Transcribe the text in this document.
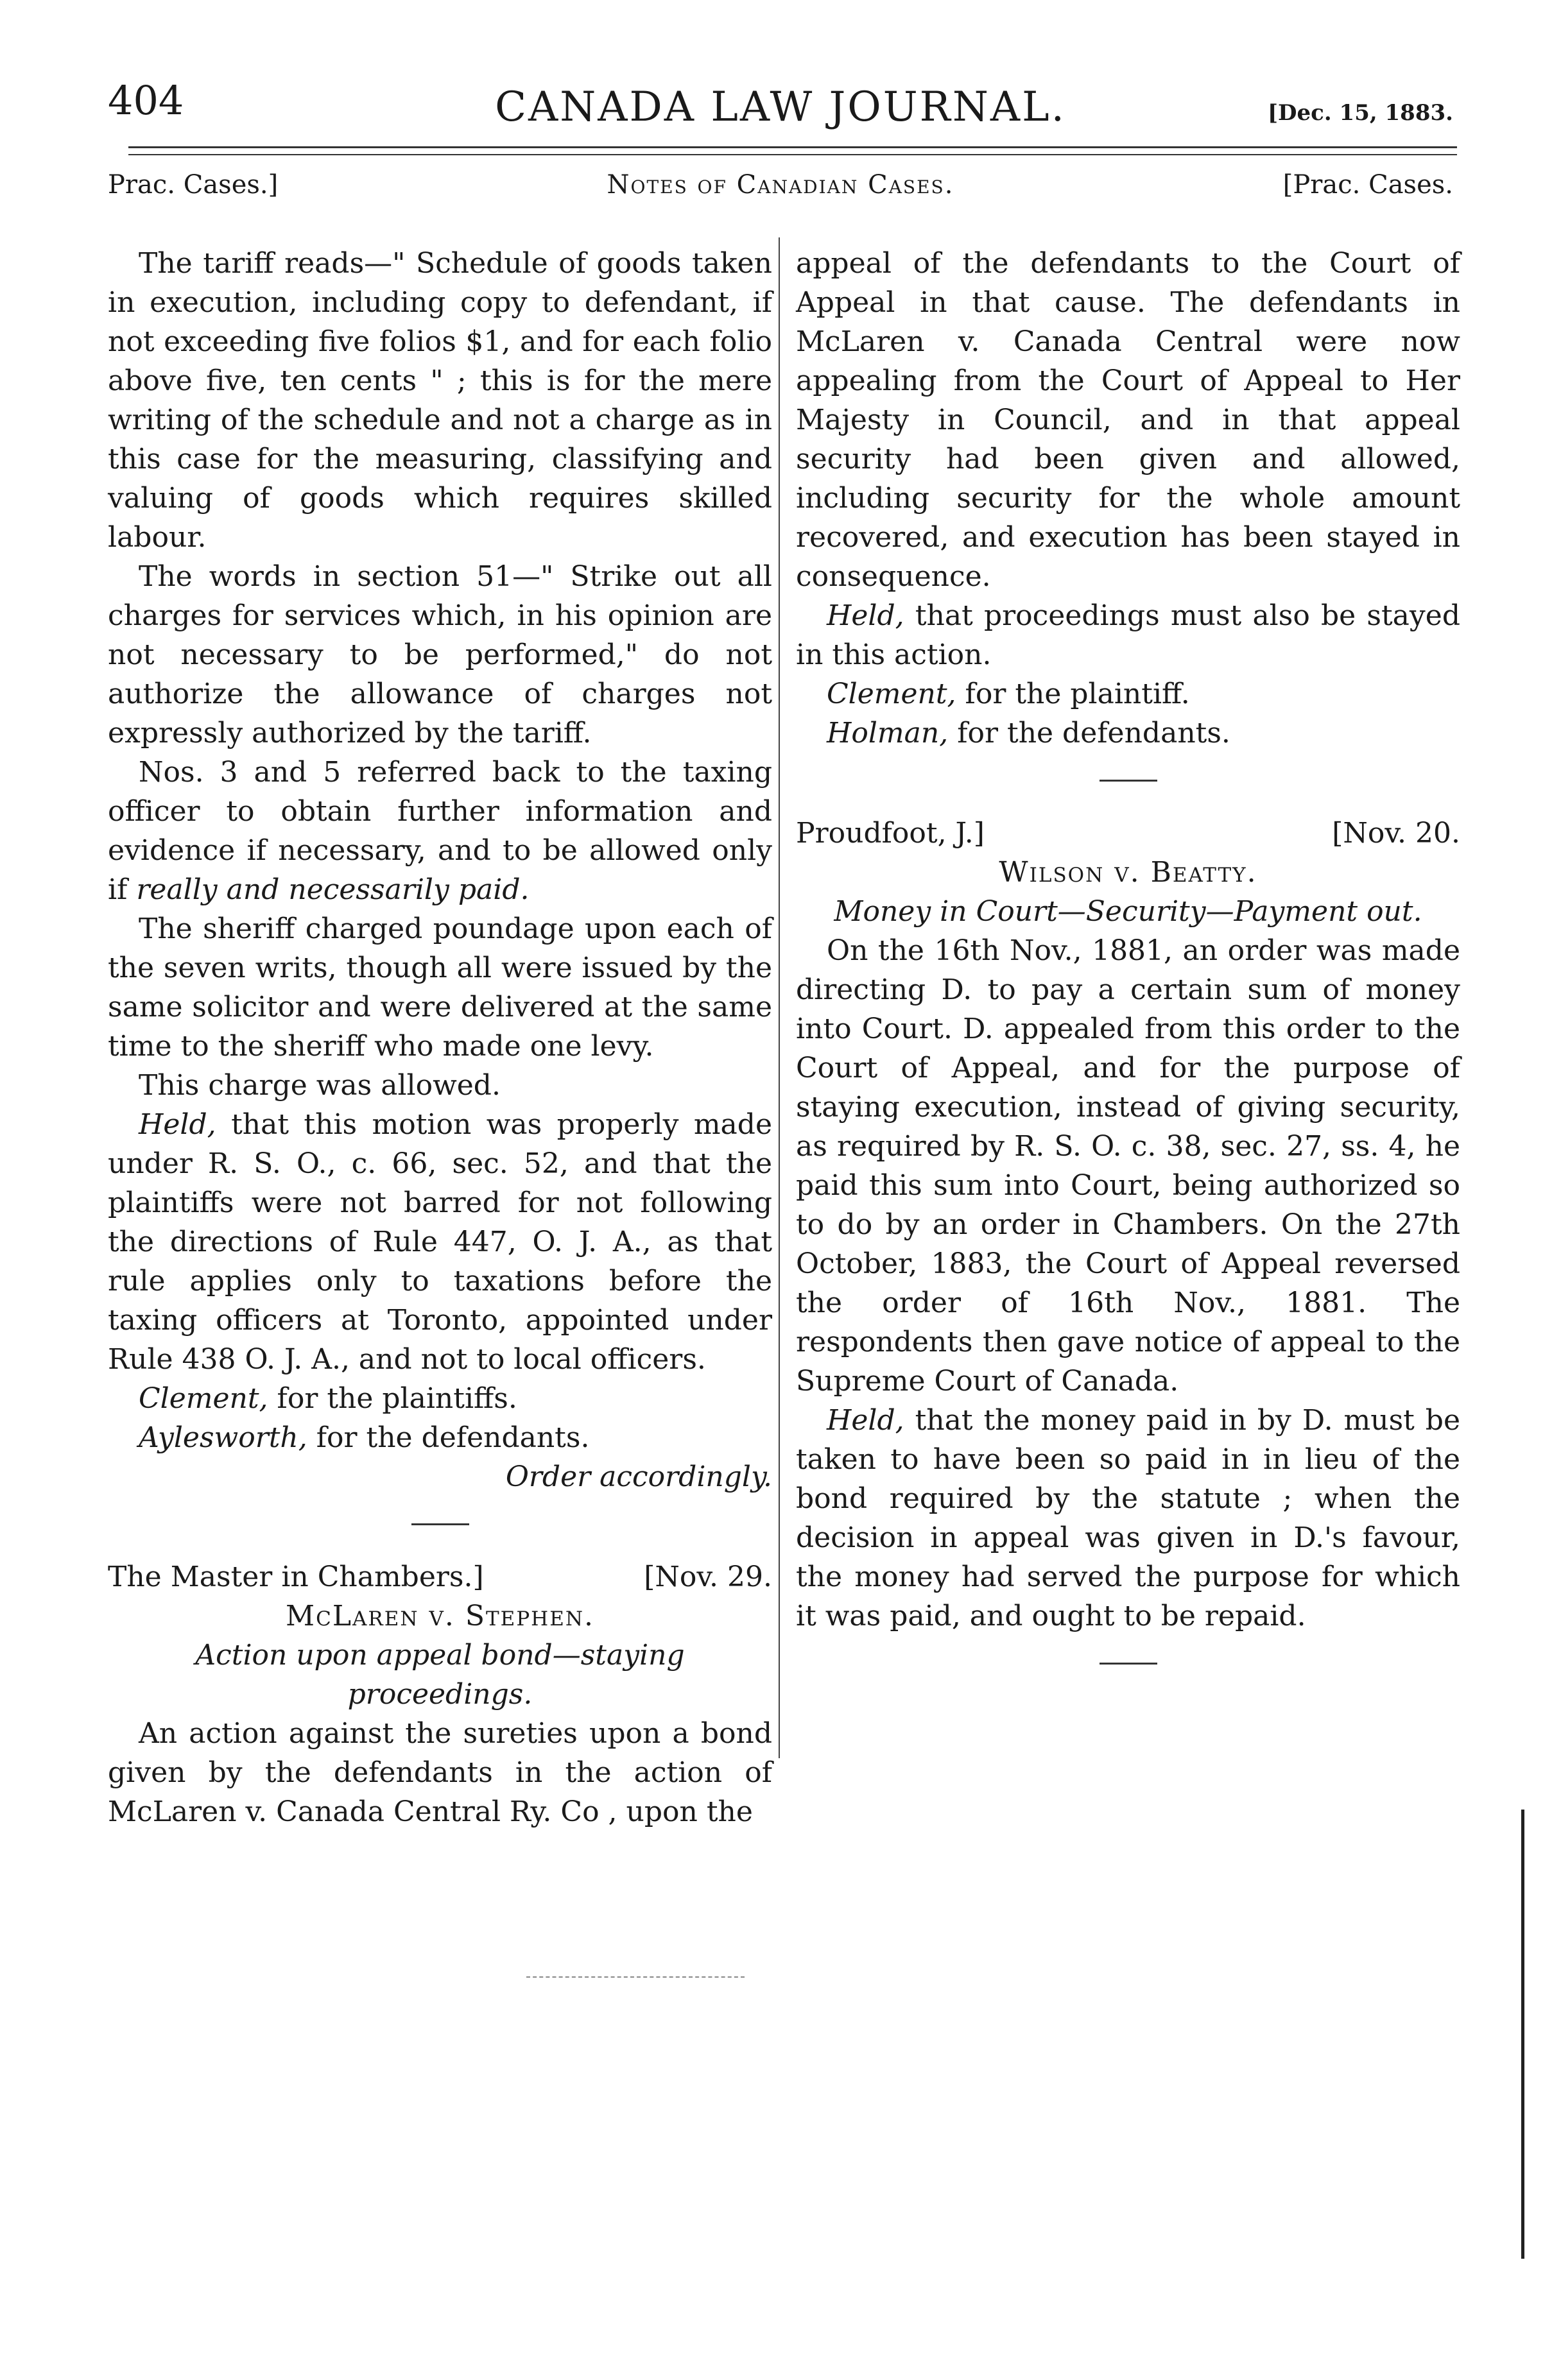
404	CANADA LAW JOURNAL.	[Dec. 15, 1883.
Prac. Cases.]	Notes of Canadian Cases.	[Prac. Cases.

The tariff reads—" Schedule of goods taken in execution, including copy to defendant, if not exceeding five folios $1, and for each folio above five, ten cents " ; this is for the mere writing of the schedule and not a charge as in this case for the measuring, classifying and valuing of goods which requires skilled labour.

The words in section 51—" Strike out all charges for services which, in his opinion are not necessary to be performed," do not authorize the allowance of charges not expressly authorized by the tariff.

Nos. 3 and 5 referred back to the taxing officer to obtain further information and evidence if necessary, and to be allowed only if really and necessarily paid.

The sheriff charged poundage upon each of the seven writs, though all were issued by the same solicitor and were delivered at the same time to the sheriff who made one levy.

This charge was allowed.

Held, that this motion was properly made under R. S. O., c. 66, sec. 52, and that the plaintiffs were not barred for not following the directions of Rule 447, O. J. A., as that rule applies only to taxations before the taxing officers at Toronto, appointed under Rule 438 O. J. A., and not to local officers.

Clement, for the plaintiffs.

Aylesworth, for the defendants.

Order accordingly.
The Master in Chambers.]	[Nov. 29.
McLaren v. Stephen.
Action upon appeal bond—staying proceedings.

An action against the sureties upon a bond given by the defendants in the action of McLaren v. Canada Central Ry. Co , upon the

appeal of the defendants to the Court of Appeal in that cause. The defendants in McLaren v. Canada Central were now appealing from the Court of Appeal to Her Majesty in Council, and in that appeal security had been given and allowed, including security for the whole amount recovered, and execution has been stayed in consequence.

Held, that proceedings must also be stayed in this action.

Clement, for the plaintiff.

Holman, for the defendants.

Proudfoot, J.]	[Nov. 20.
Wilson v. Beatty.
Money in Court—Security—Payment out.

On the 16th Nov., 1881, an order was made directing D. to pay a certain sum of money into Court. D. appealed from this order to the Court of Appeal, and for the purpose of staying execution, instead of giving security, as required by R. S. O. c. 38, sec. 27, ss. 4, he paid this sum into Court, being authorized so to do by an order in Chambers. On the 27th October, 1883, the Court of Appeal reversed the order of 16th Nov., 1881. The respondents then gave notice of appeal to the Supreme Court of Canada.

Held, that the money paid in by D. must be taken to have been so paid in in lieu of the bond required by the statute ; when the decision in appeal was given in D.'s favour, the money had served the purpose for which it was paid, and ought to be repaid.
